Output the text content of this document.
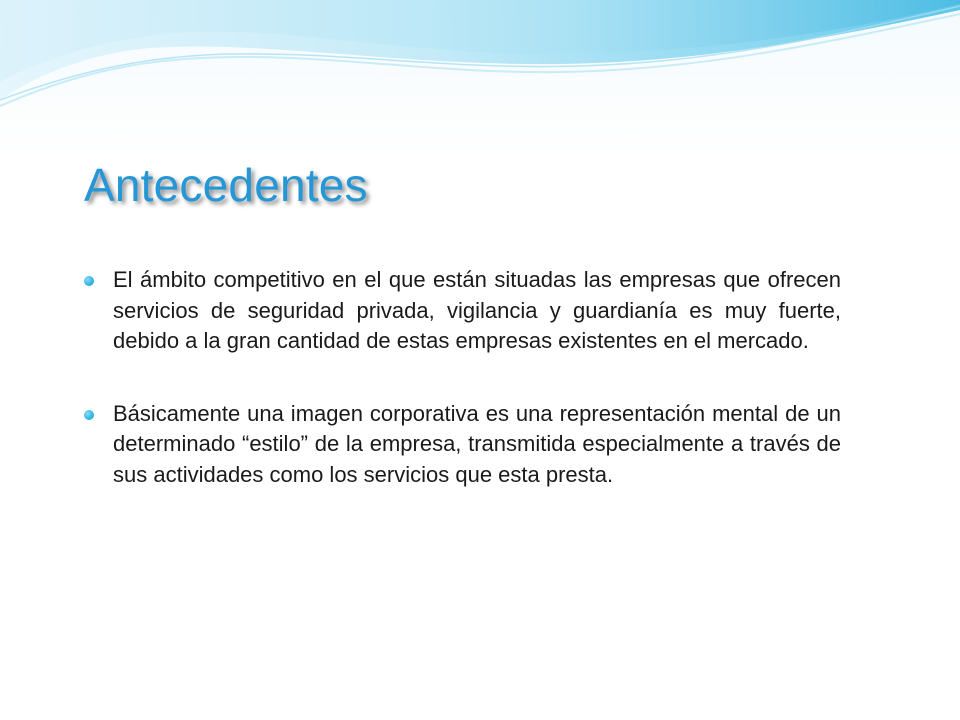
Antecedentes
El ámbito competitivo en el que están situadas las empresas que ofrecen servicios de seguridad privada, vigilancia y guardianía es muy fuerte, debido a la gran cantidad de estas empresas existentes en el mercado.
Básicamente una imagen corporativa es una representación mental de un determinado “estilo” de la empresa, transmitida especialmente a través de sus actividades como los servicios que esta presta.
